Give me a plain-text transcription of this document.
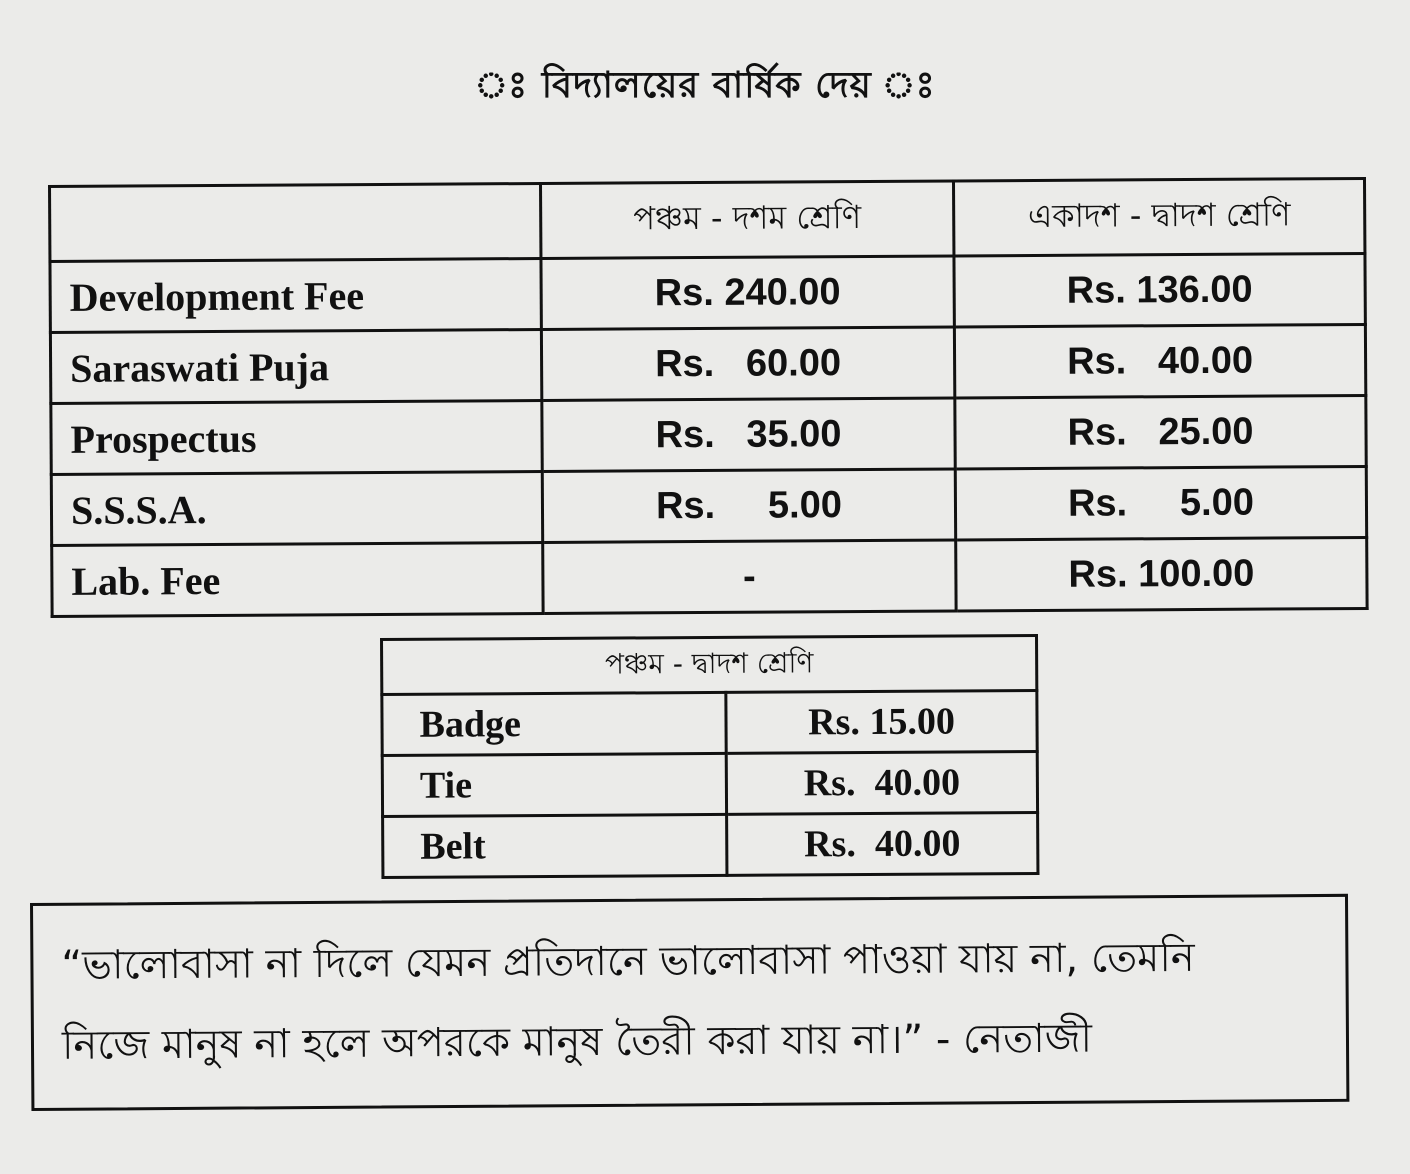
ঃ বিদ্যালয়ের বার্ষিক দেয় ঃ
	পঞ্চম - দশম শ্রেণি	একাদশ - দ্বাদশ শ্রেণি
Development Fee	Rs. 240.00	Rs. 136.00
Saraswati Puja	Rs.   60.00	Rs.   40.00
Prospectus	Rs.   35.00	Rs.   25.00
S.S.S.A.	Rs.     5.00	Rs.     5.00
Lab. Fee	-	Rs. 100.00
পঞ্চম - দ্বাদশ শ্রেণি	
Badge	Rs. 15.00
Tie	Rs.  40.00
Belt	Rs.  40.00
“ভালোবাসা না দিলে যেমন প্রতিদানে ভালোবাসা পাওয়া যায় না, তেমনি
নিজে মানুষ না হলে অপরকে মানুষ তৈরী করা যায় না।” - নেতাজী
